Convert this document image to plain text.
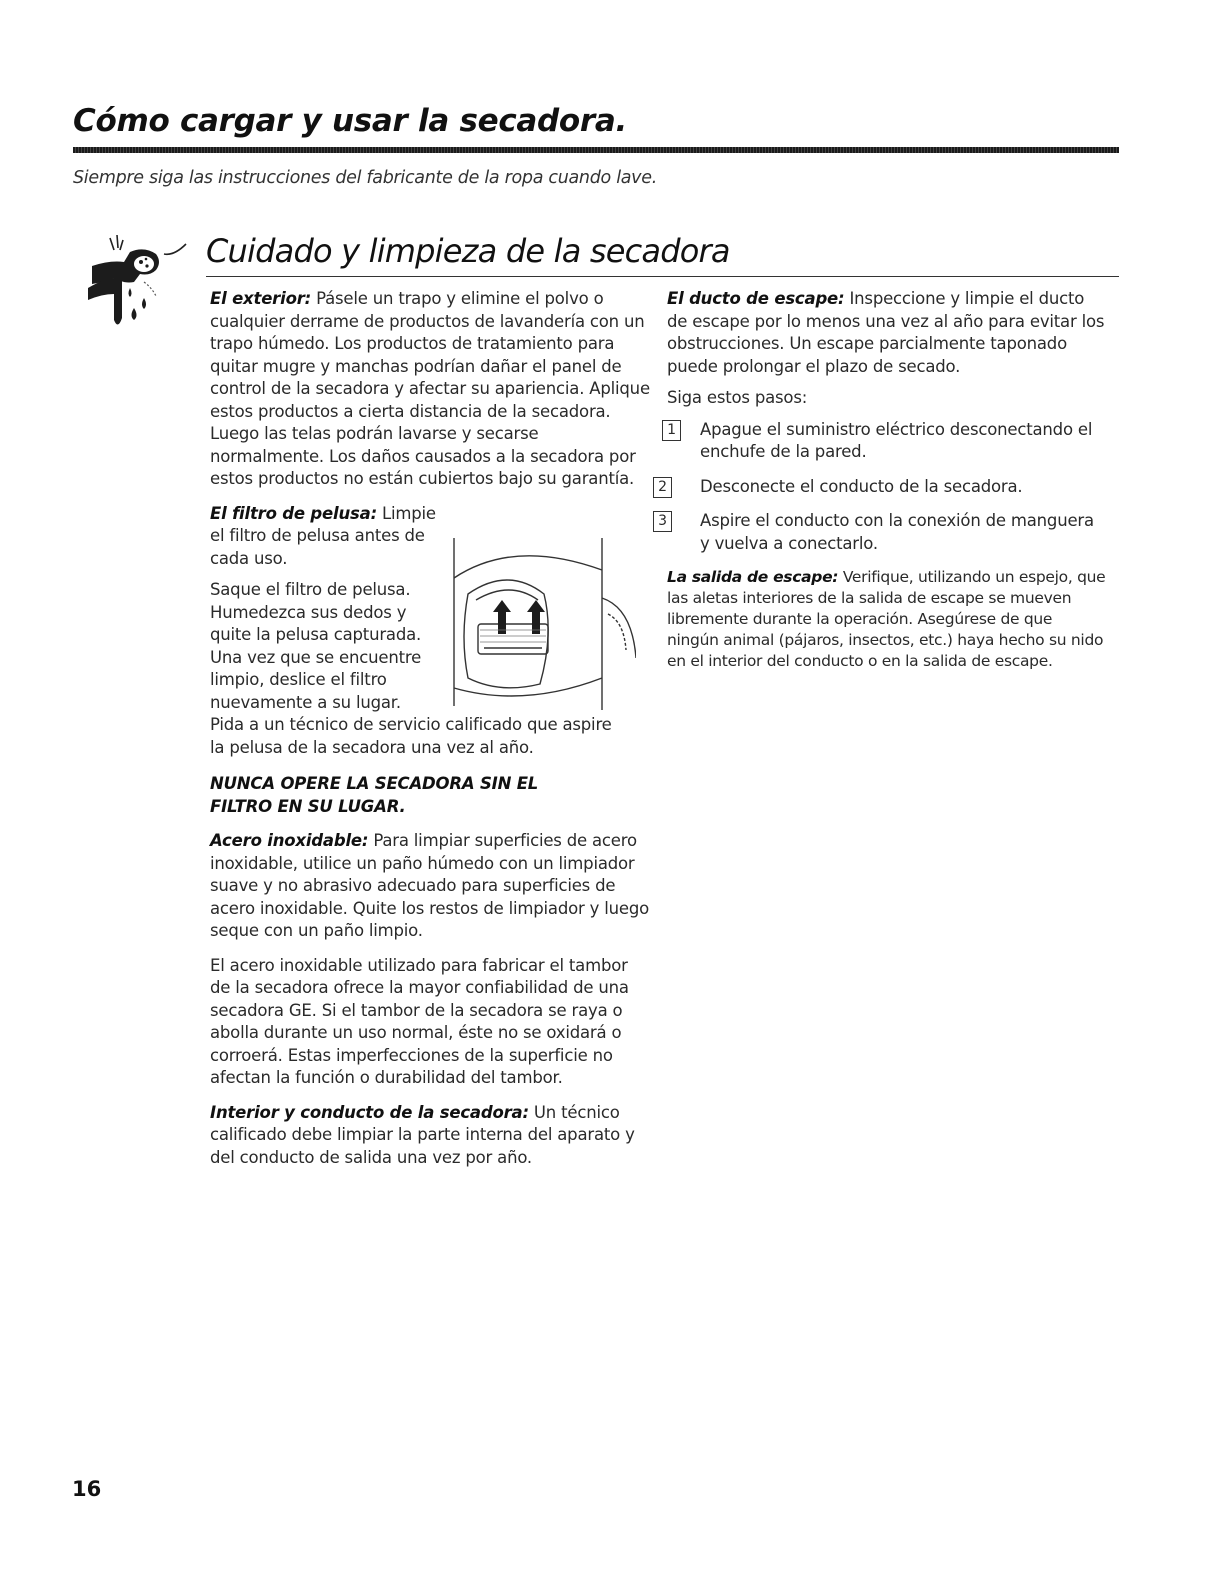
Cómo cargar y usar la secadora.
Siempre siga las instrucciones del fabricante de la ropa cuando lave.
Cuidado y limpieza de la secadora

El exterior: Pásele un trapo y elimine el polvo o cualquier derrame de productos de lavandería con un trapo húmedo. Los productos de tratamiento para quitar mugre y manchas podrían dañar el panel de control de la secadora y afectar su apariencia. Aplique estos productos a cierta distancia de la secadora. Luego las telas podrán lavarse y secarse normalmente. Los daños causados a la secadora por estos productos no están cubiertos bajo su garantía.

El filtro de pelusa: Limpie el filtro de pelusa antes de cada uso.

Saque el filtro de pelusa. Humedezca sus dedos y quite la pelusa capturada. Una vez que se encuentre limpio, deslice el filtro nuevamente a su lugar.

Pida a un técnico de servicio calificado que aspire la pelusa de la secadora una vez al año.

NUNCA OPERE LA SECADORA SIN EL FILTRO EN SU LUGAR.

Acero inoxidable: Para limpiar superficies de acero inoxidable, utilice un paño húmedo con un limpiador suave y no abrasivo adecuado para superficies de acero inoxidable. Quite los restos de limpiador y luego seque con un paño limpio.

El acero inoxidable utilizado para fabricar el tambor de la secadora ofrece la mayor confiabilidad de una secadora GE. Si el tambor de la secadora se raya o abolla durante un uso normal, éste no se oxidará o corroerá. Estas imperfecciones de la superficie no afectan la función o durabilidad del tambor.

Interior y conducto de la secadora: Un técnico calificado debe limpiar la parte interna del aparato y del conducto de salida una vez por año.

El ducto de escape: Inspeccione y limpie el ducto de escape por lo menos una vez al año para evitar los obstrucciones. Un escape parcialmente taponado puede prolongar el plazo de secado.

Siga estos pasos:

1	Apague el suministro eléctrico desconectando el enchufe de la pared.
2	Desconecte el conducto de la secadora.
3	Aspire el conducto con la conexión de manguera y vuelva a conectarlo.

La salida de escape: Verifique, utilizando un espejo, que las aletas interiores de la salida de escape se mueven libremente durante la operación. Asegúrese de que ningún animal (pájaros, insectos, etc.) haya hecho su nido en el interior del conducto o en la salida de escape.

16
